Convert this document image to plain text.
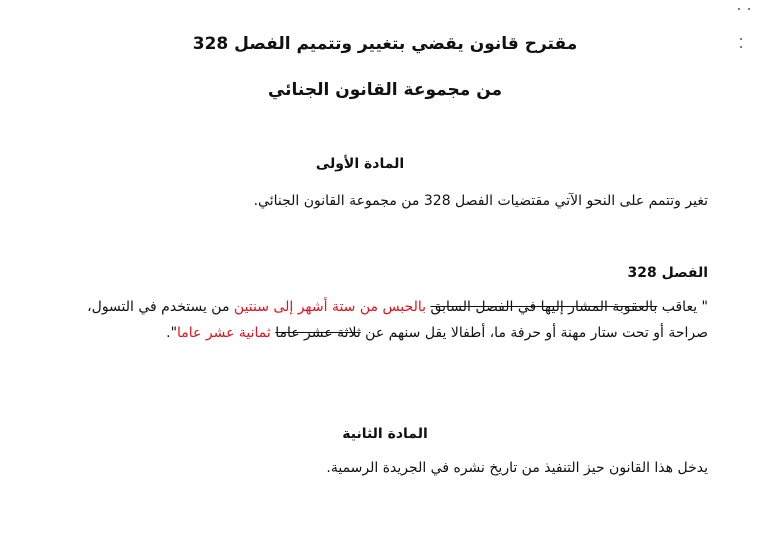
مقترح قانون يقضي بتغيير وتتميم الفصل 328
من مجموعة القانون الجنائي
المادة الأولى
تغير وتتمم على النحو الآتي مقتضيات الفصل 328 من مجموعة القانون الجنائي.
الفصل 328
" يعاقب بالعقوبة المشار إليها في الفصل السابق بالحبس من ستة أشهر إلى سنتين من يستخدم في التسول،
صراحة أو تحت ستار مهنة أو حرفة ما، أطفالا يقل سنهم عن ثلاثة عشر عاما ثمانية عشر عاما".
المادة الثانية
يدخل هذا القانون حيز التنفيذ من تاريخ نشره في الجريدة الرسمية.
